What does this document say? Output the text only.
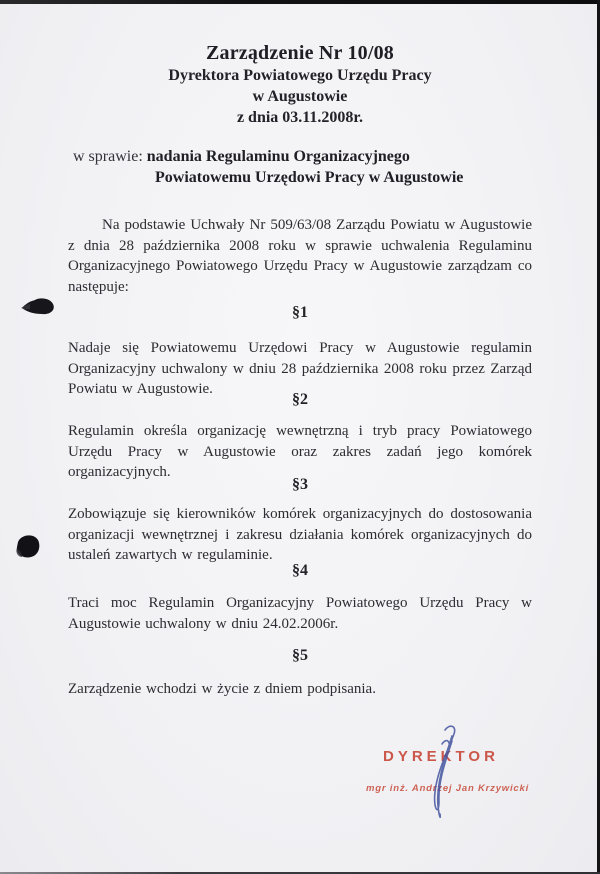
Zarządzenie Nr 10/08
Dyrektora Powiatowego Urzędu Pracy
w Augustowie
z dnia 03.11.2008r.
w sprawie: nadania Regulaminu Organizacyjnego
Powiatowemu Urzędowi Pracy w Augustowie
Na podstawie Uchwały Nr 509/63/08 Zarządu Powiatu w Augustowie z dnia 28 października 2008 roku w sprawie uchwalenia Regulaminu Organizacyjnego Powiatowego Urzędu Pracy w Augustowie zarządzam co następuje:
§1
Nadaje się Powiatowemu Urzędowi Pracy w Augustowie regulamin Organizacyjny uchwalony w dniu 28 października 2008 roku przez Zarząd Powiatu w Augustowie.
§2
Regulamin określa organizację wewnętrzną i tryb pracy Powiatowego Urzędu Pracy w Augustowie oraz zakres zadań jego komórek organizacyjnych.
§3
Zobowiązuje się kierowników komórek organizacyjnych do dostosowania organizacji wewnętrznej i zakresu działania komórek organizacyjnych do ustaleń zawartych w regulaminie.
§4
Traci moc Regulamin Organizacyjny Powiatowego Urzędu Pracy w Augustowie uchwalony w dniu 24.02.2006r.
§5
Zarządzenie wchodzi w życie z dniem podpisania.
DYREKTOR
mgr inż. Andrzej Jan Krzywicki
